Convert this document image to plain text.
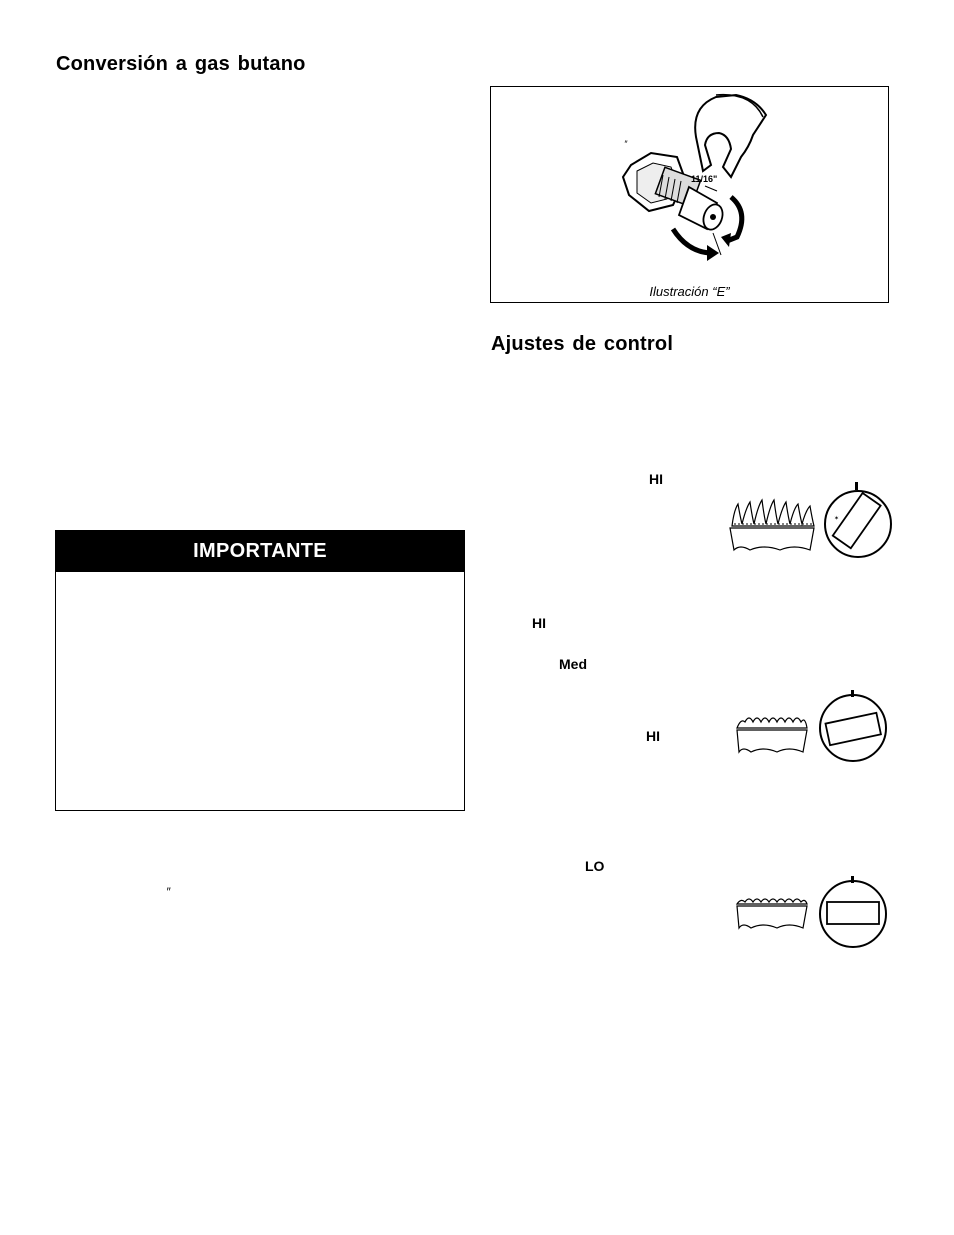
Conversión a gas butano
IMPORTANTE
″
11/16"
″
Ilustración “E”
Ajustes de control
HI
HI
Med
HI
LO
✶
